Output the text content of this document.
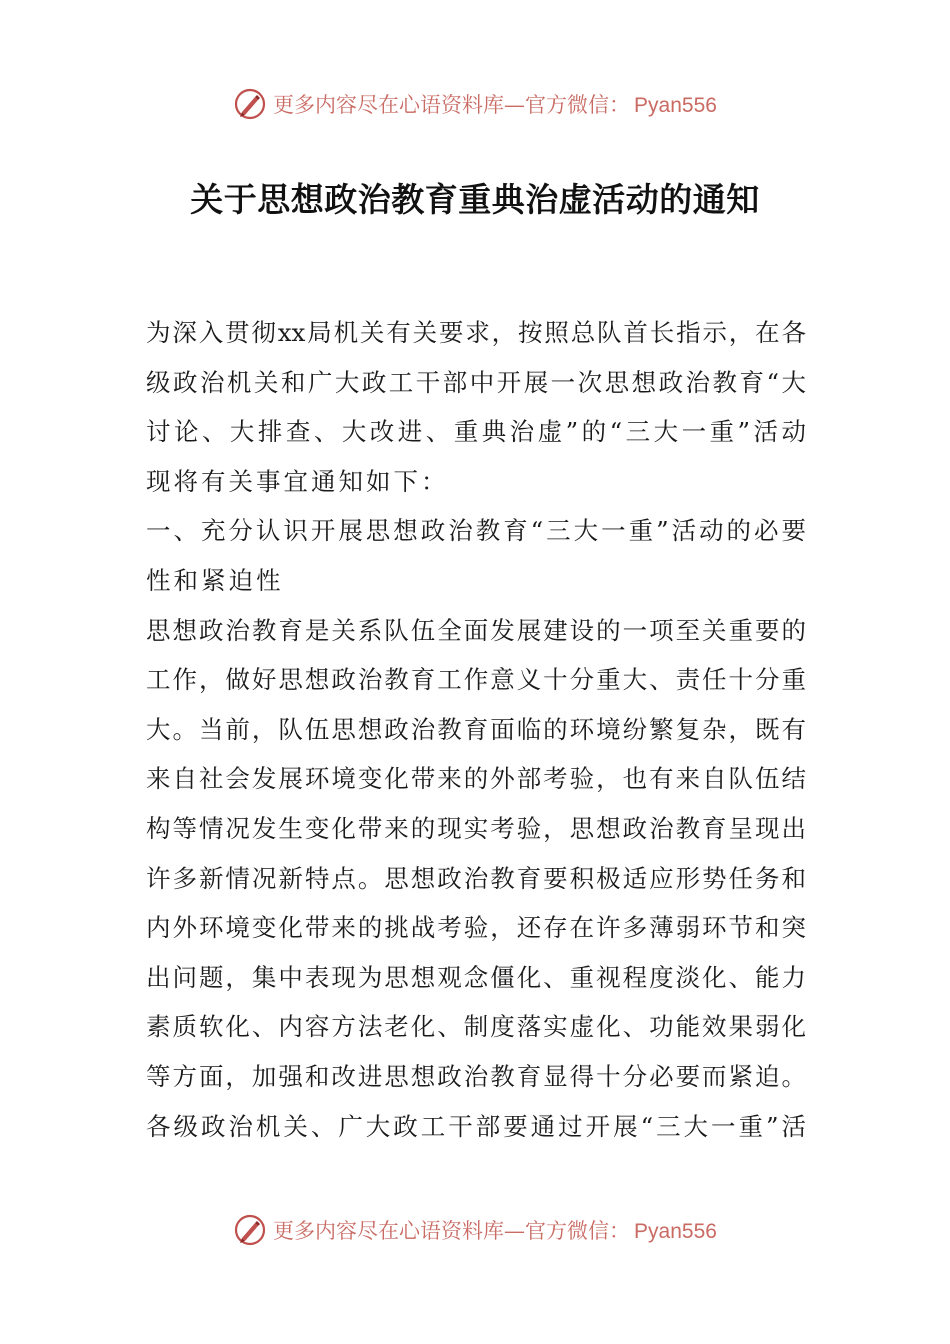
更多内容尽在心语资料库—官方微信： Pyan556
关于思想政治教育重典治虚活动的通知
为深入贯彻xx局机关有关要求，按照总队首长指示，在各
级政治机关和广大政工干部中开展一次思想政治教育“大
讨论、大排查、大改进、重典治虚”的“三大一重”活动
现将有关事宜通知如下：
一、充分认识开展思想政治教育“三大一重”活动的必要
性和紧迫性
思想政治教育是关系队伍全面发展建设的一项至关重要的
工作，做好思想政治教育工作意义十分重大、责任十分重
大。当前，队伍思想政治教育面临的环境纷繁复杂，既有
来自社会发展环境变化带来的外部考验，也有来自队伍结
构等情况发生变化带来的现实考验，思想政治教育呈现出
许多新情况新特点。思想政治教育要积极适应形势任务和
内外环境变化带来的挑战考验，还存在许多薄弱环节和突
出问题，集中表现为思想观念僵化、重视程度淡化、能力
素质软化、内容方法老化、制度落实虚化、功能效果弱化
等方面，加强和改进思想政治教育显得十分必要而紧迫。
各级政治机关、广大政工干部要通过开展“三大一重”活
更多内容尽在心语资料库—官方微信： Pyan556
